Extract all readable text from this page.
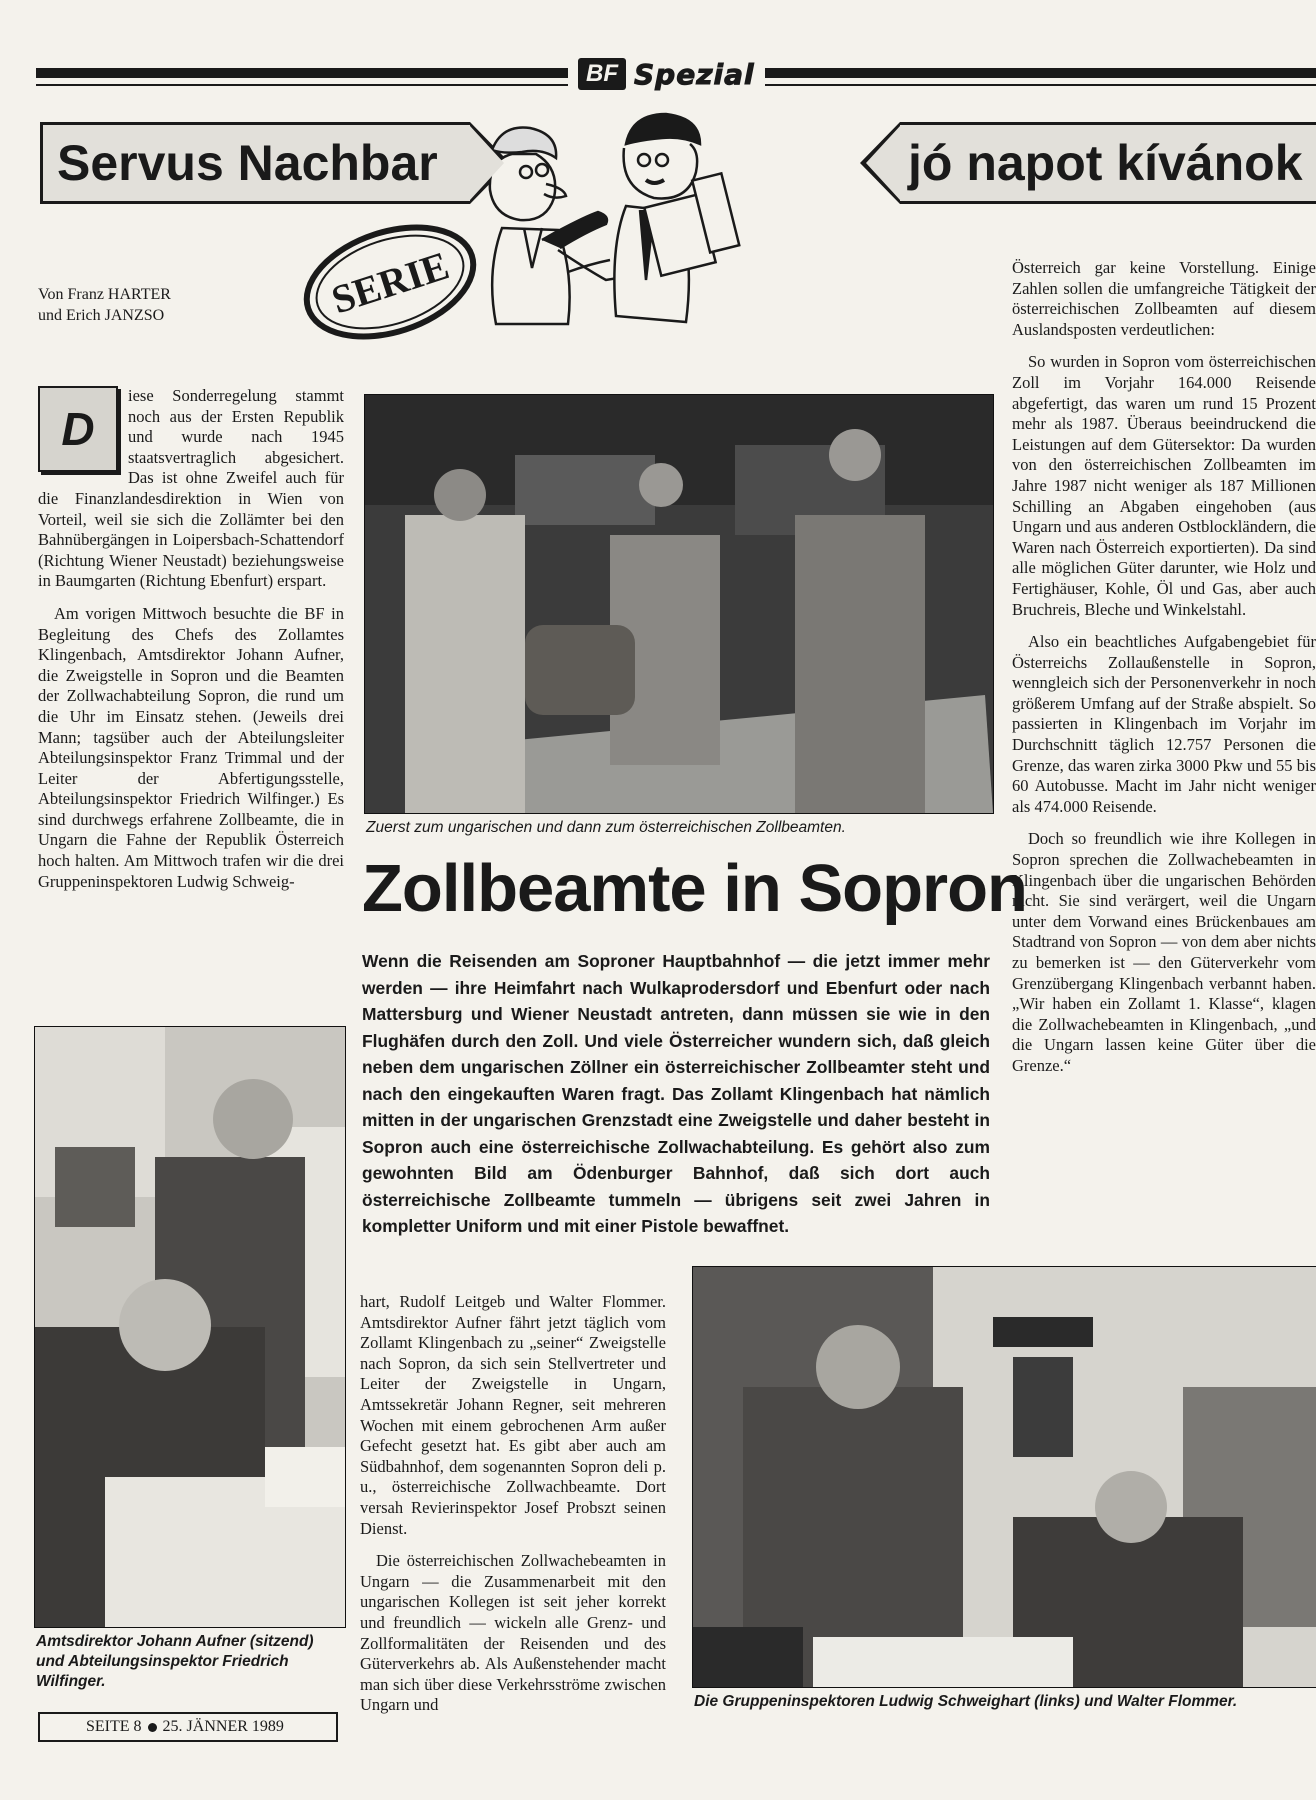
BF Spezial
Servus Nachbar	jó napot kívánok
SERIE
Von Franz HARTER
und Erich JANZSO
D

iese Sonderregelung stammt noch aus der Ersten Republik und wurde nach 1945 staatsvertraglich abgesichert. Das ist ohne Zweifel auch für die Finanzlandesdirektion in Wien von Vorteil, weil sie sich die Zollämter bei den Bahnübergängen in Loipersbach-Schattendorf (Richtung Wiener Neustadt) beziehungsweise in Baumgarten (Richtung Ebenfurt) erspart.

Am vorigen Mittwoch besuchte die BF in Begleitung des Chefs des Zollamtes Klingenbach, Amtsdirektor Johann Aufner, die Zweigstelle in Sopron und die Beamten der Zollwachabteilung Sopron, die rund um die Uhr im Einsatz stehen. (Jeweils drei Mann; tagsüber auch der Abteilungsleiter Abteilungsinspektor Franz Trimmal und der Leiter der Abfertigungsstelle, Abteilungsinspektor Friedrich Wilfinger.) Es sind durchwegs erfahrene Zollbeamte, die in Ungarn die Fahne der Republik Österreich hoch halten. Am Mittwoch trafen wir die drei Gruppeninspektoren Ludwig Schweig-

Zuerst zum ungarischen und dann zum österreichischen Zollbeamten.
Zollbeamte in Sopron
Wenn die Reisenden am Soproner Hauptbahnhof — die jetzt immer mehr werden — ihre Heimfahrt nach Wulkaprodersdorf und Ebenfurt oder nach Mattersburg und Wiener Neustadt antreten, dann müssen sie wie in den Flughäfen durch den Zoll. Und viele Österreicher wundern sich, daß gleich neben dem ungarischen Zöllner ein österreichischer Zollbeamter steht und nach den eingekauften Waren fragt. Das Zollamt Klingenbach hat nämlich mitten in der ungarischen Grenzstadt eine Zweigstelle und daher besteht in Sopron auch eine österreichische Zollwachabteilung. Es gehört also zum gewohnten Bild am Ödenburger Bahnhof, daß sich dort auch österreichische Zollbeamte tummeln — übrigens seit zwei Jahren in kompletter Uniform und mit einer Pistole bewaffnet.
Amtsdirektor Johann Aufner (sitzend) und Abteilungsinspektor Friedrich Wilfinger.
SEITE 8 25. JÄNNER 1989

hart, Rudolf Leitgeb und Walter Flommer. Amtsdirektor Aufner fährt jetzt täglich vom Zollamt Klingenbach zu „seiner“ Zweigstelle nach Sopron, da sich sein Stellvertreter und Leiter der Zweigstelle in Ungarn, Amtssekretär Johann Regner, seit mehreren Wochen mit einem gebrochenen Arm außer Gefecht gesetzt hat. Es gibt aber auch am Südbahnhof, dem sogenannten Sopron deli p. u., österreichische Zollwachbeamte. Dort versah Revierinspektor Josef Probszt seinen Dienst.

Die österreichischen Zollwachebeamten in Ungarn — die Zusammenarbeit mit den ungarischen Kollegen ist seit jeher korrekt und freundlich — wickeln alle Grenz- und Zollformalitäten der Reisenden und des Güterverkehrs ab. Als Außenstehender macht man sich über diese Verkehrsströme zwischen Ungarn und	Die Gruppeninspektoren Ludwig Schweighart (links) und Walter Flommer.

Österreich gar keine Vorstellung. Einige Zahlen sollen die umfangreiche Tätigkeit der österreichischen Zollbeamten auf diesem Auslandsposten verdeutlichen:

So wurden in Sopron vom österreichischen Zoll im Vorjahr 164.000 Reisende abgefertigt, das waren um rund 15 Prozent mehr als 1987. Überaus beeindruckend die Leistungen auf dem Gütersektor: Da wurden von den österreichischen Zollbeamten im Jahre 1987 nicht weniger als 187 Millionen Schilling an Abgaben eingehoben (aus Ungarn und aus anderen Ostblockländern, die Waren nach Österreich exportierten). Da sind alle möglichen Güter darunter, wie Holz und Fertighäuser, Kohle, Öl und Gas, aber auch Bruchreis, Bleche und Winkelstahl.

Also ein beachtliches Aufgabengebiet für Österreichs Zollaußenstelle in Sopron, wenngleich sich der Personenverkehr in noch größerem Umfang auf der Straße abspielt. So passierten in Klingenbach im Vorjahr im Durchschnitt täglich 12.757 Personen die Grenze, das waren zirka 3000 Pkw und 55 bis 60 Autobusse. Macht im Jahr nicht weniger als 474.000 Reisende.

Doch so freundlich wie ihre Kollegen in Sopron sprechen die Zollwachebeamten in Klingenbach über die ungarischen Behörden nicht. Sie sind verärgert, weil die Ungarn unter dem Vorwand eines Brückenbaues am Stadtrand von Sopron — von dem aber nichts zu bemerken ist — den Güterverkehr vom Grenzübergang Klingenbach verbannt haben. „Wir haben ein Zollamt 1. Klasse“, klagen die Zollwachebeamten in Klingenbach, „und die Ungarn lassen keine Güter über die Grenze.“
